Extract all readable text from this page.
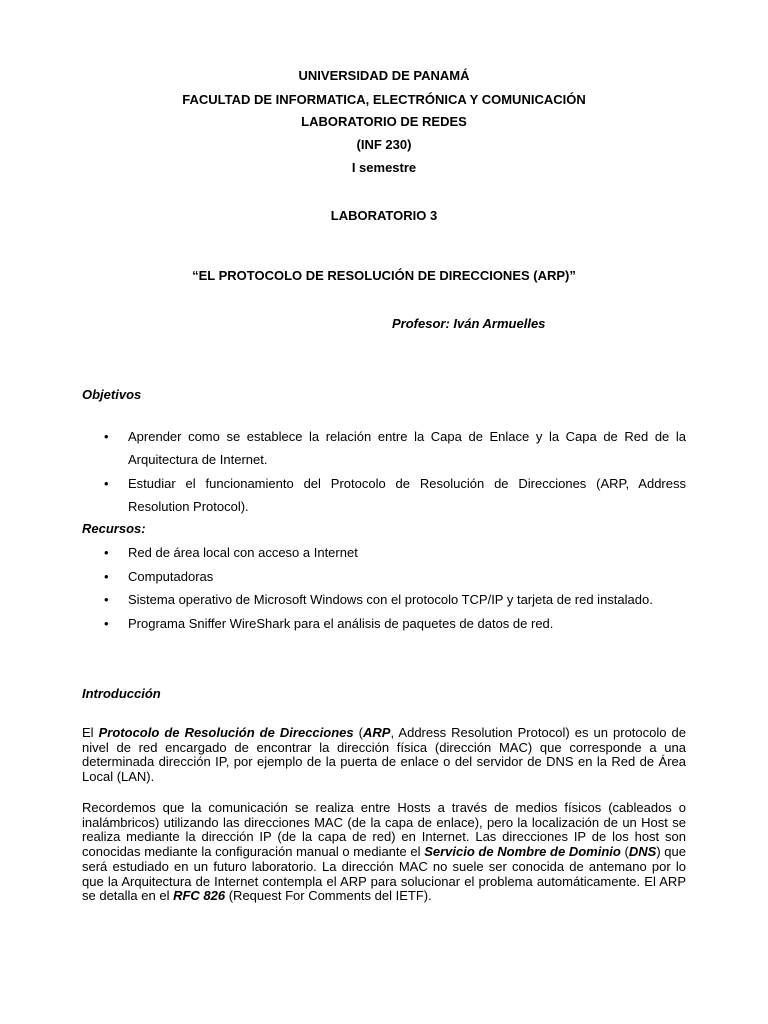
UNIVERSIDAD DE PANAMÁ
FACULTAD DE INFORMATICA, ELECTRÓNICA Y COMUNICACIÓN
LABORATORIO DE REDES
(INF 230)
I semestre
LABORATORIO 3
“EL PROTOCOLO DE RESOLUCIÓN DE DIRECCIONES (ARP)”
Profesor: Iván Armuelles
Objetivos
• Aprender como se establece la relación entre la Capa de Enlace y la Capa de Red de la Arquitectura de Internet.
• Estudiar el funcionamiento del Protocolo de Resolución de Direcciones (ARP, Address Resolution Protocol).
Recursos:
• Red de área local con acceso a Internet
• Computadoras
• Sistema operativo de Microsoft Windows con el protocolo TCP/IP y tarjeta de red instalado.
• Programa Sniffer WireShark para el análisis de paquetes de datos de red.
Introducción

El Protocolo de Resolución de Direcciones (ARP, Address Resolution Protocol) es un protocolo de nivel de red encargado de encontrar la dirección física (dirección MAC) que corresponde a una determinada dirección IP, por ejemplo de la puerta de enlace o del servidor de DNS en la Red de Área Local (LAN).

Recordemos que la comunicación se realiza entre Hosts a través de medios físicos (cableados o inalámbricos) utilizando las direcciones MAC (de la capa de enlace), pero la localización de un Host se realiza mediante la dirección IP (de la capa de red) en Internet. Las direcciones IP de los host son conocidas mediante la configuración manual o mediante el Servicio de Nombre de Dominio (DNS) que será estudiado en un futuro laboratorio. La dirección MAC no suele ser conocida de antemano por lo que la Arquitectura de Internet contempla el ARP para solucionar el problema automáticamente. El ARP se detalla en el RFC 826 (Request For Comments del IETF).
